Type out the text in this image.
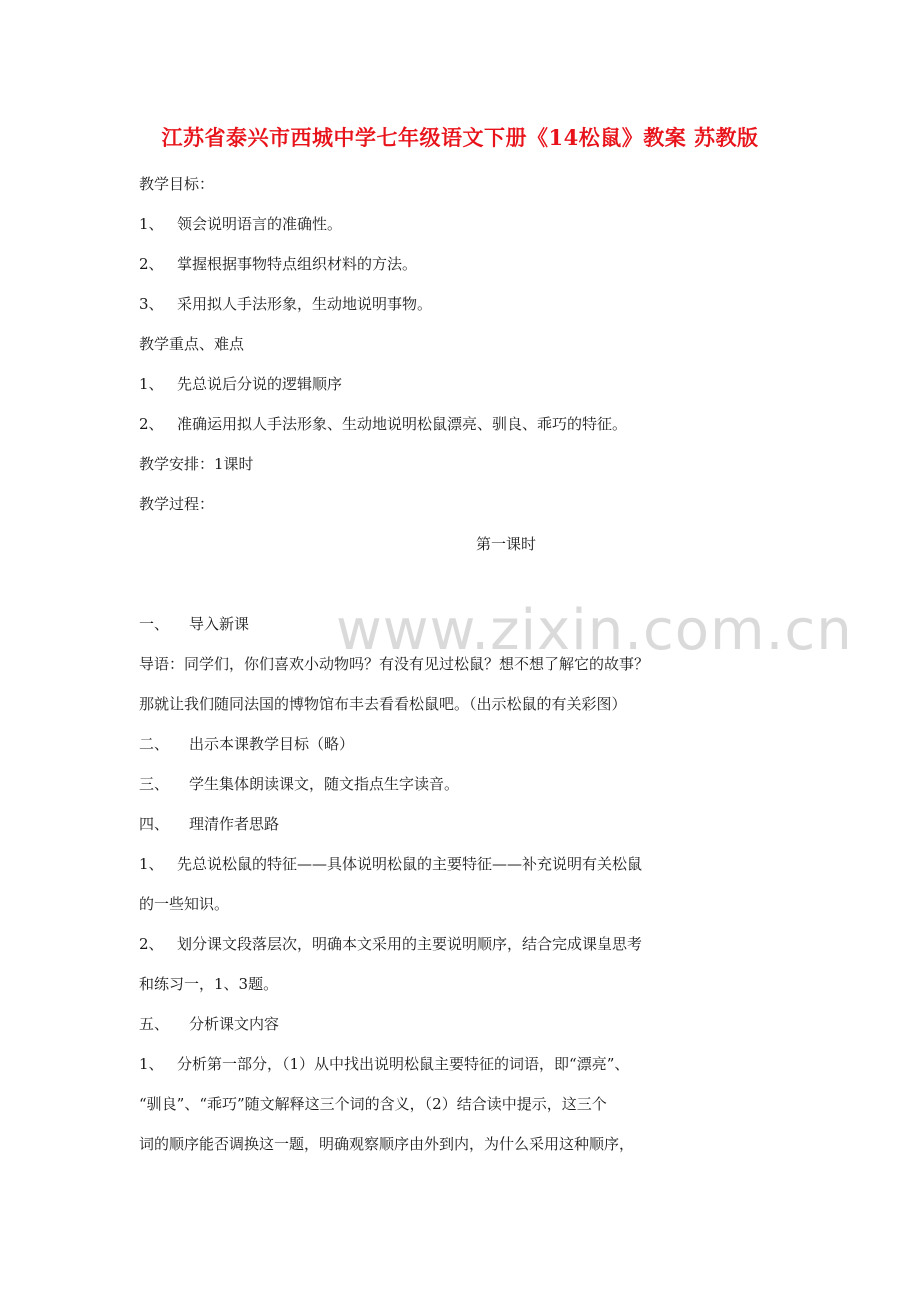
江苏省泰兴市西城中学七年级语文下册《14松鼠》教案 苏教版
www.zixin.com.cn
教学目标：
1、 领会说明语言的准确性。
2、 掌握根据事物特点组织材料的方法。
3、 采用拟人手法形象，生动地说明事物。
教学重点、难点
1、 先总说后分说的逻辑顺序
2、 准确运用拟人手法形象、生动地说明松鼠漂亮、驯良、乖巧的特征。
教学安排：1课时
教学过程：
第一课时
一、 导入新课
导语：同学们，你们喜欢小动物吗？有没有见过松鼠？想不想了解它的故事？
那就让我们随同法国的博物馆布丰去看看松鼠吧。（出示松鼠的有关彩图）
二、 出示本课教学目标（略）
三、 学生集体朗读课文，随文指点生字读音。
四、 理清作者思路
1、 先总说松鼠的特征——具体说明松鼠的主要特征——补充说明有关松鼠
的一些知识。
2、 划分课文段落层次，明确本文采用的主要说明顺序，结合完成课皇思考
和练习一，1、3题。
五、 分析课文内容
1、 分析第一部分，（1）从中找出说明松鼠主要特征的词语，即“漂亮”、
“驯良”、“乖巧”随文解释这三个词的含义，（2）结合读中提示，这三个
词的顺序能否调换这一题，明确观察顺序由外到内，为什么采用这种顺序，
